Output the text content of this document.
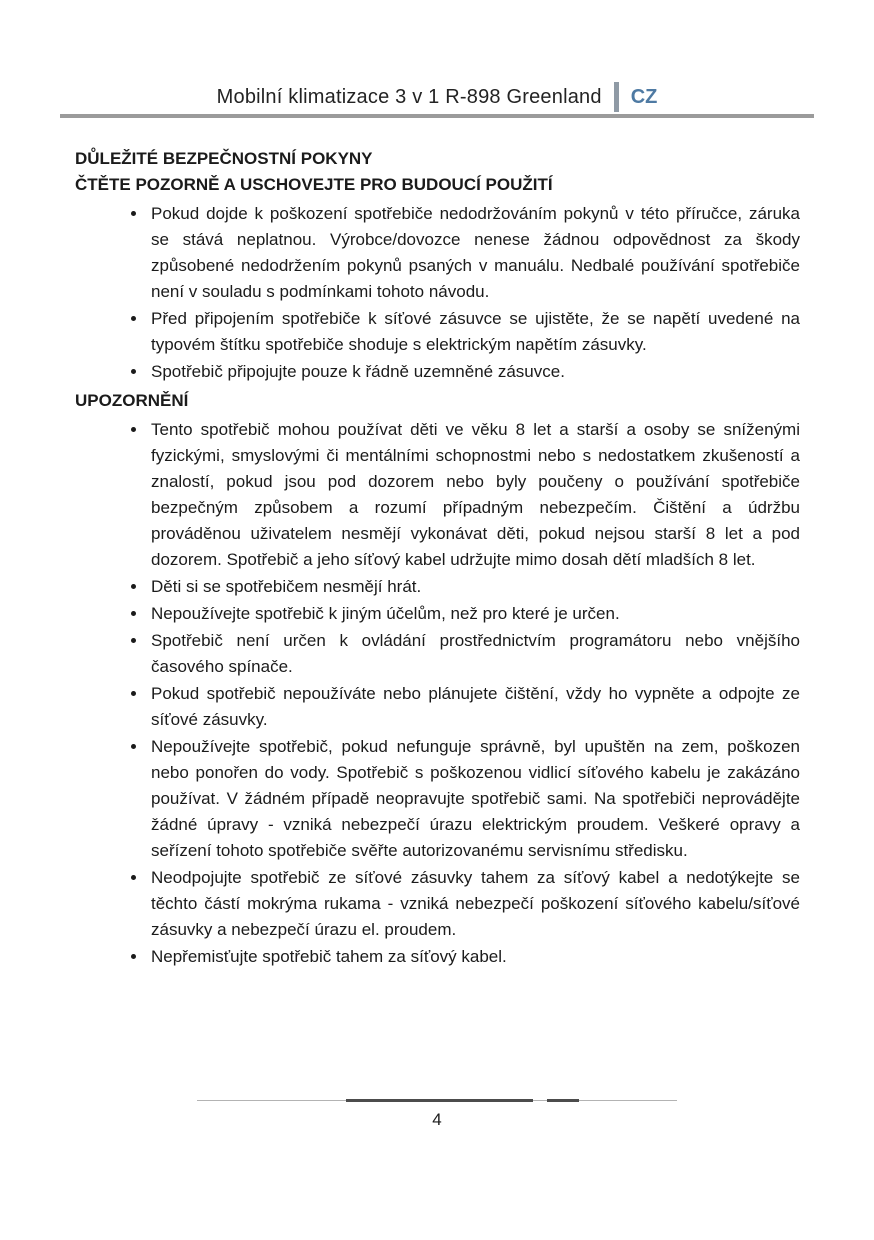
Mobilní klimatizace 3 v 1 R-898 Greenland CZ
DŮLEŽITÉ BEZPEČNOSTNÍ POKYNY
ČTĚTE POZORNĚ A USCHOVEJTE PRO BUDOUCÍ POUŽITÍ
• Pokud dojde k poškození spotřebiče nedodržováním pokynů v této příručce, záruka se stává neplatnou. Výrobce/dovozce nenese žádnou odpovědnost za škody způsobené nedodržením pokynů psaných v manuálu. Nedbalé používání spotřebiče není v souladu s podmínkami tohoto návodu.
• Před připojením spotřebiče k síťové zásuvce se ujistěte, že se napětí uvedené na typovém štítku spotřebiče shoduje s elektrickým napětím zásuvky.
• Spotřebič připojujte pouze k řádně uzemněné zásuvce.
UPOZORNĚNÍ
• Tento spotřebič mohou používat děti ve věku 8 let a starší a osoby se sníženými fyzickými, smyslovými či mentálními schopnostmi nebo s nedostatkem zkušeností a znalostí, pokud jsou pod dozorem nebo byly poučeny o používání spotřebiče bezpečným způsobem a rozumí případným nebezpečím. Čištění a údržbu prováděnou uživatelem nesmějí vykonávat děti, pokud nejsou starší 8 let a pod dozorem. Spotřebič a jeho síťový kabel udržujte mimo dosah dětí mladších 8 let.
• Děti si se spotřebičem nesmějí hrát.
• Nepoužívejte spotřebič k jiným účelům, než pro které je určen.
• Spotřebič není určen k ovládání prostřednictvím programátoru nebo vnějšího časového spínače.
• Pokud spotřebič nepoužíváte nebo plánujete čištění, vždy ho vypněte a odpojte ze síťové zásuvky.
• Nepoužívejte spotřebič, pokud nefunguje správně, byl upuštěn na zem, poškozen nebo ponořen do vody. Spotřebič s poškozenou vidlicí síťového kabelu je zakázáno používat. V žádném případě neopravujte spotřebič sami. Na spotřebiči neprovádějte žádné úpravy - vzniká nebezpečí úrazu elektrickým proudem. Veškeré opravy a seřízení tohoto spotřebiče svěřte autorizovanému servisnímu středisku.
• Neodpojujte spotřebič ze síťové zásuvky tahem za síťový kabel a nedotýkejte se těchto částí mokrýma rukama - vzniká nebezpečí poškození síťového kabelu/síťové zásuvky a nebezpečí úrazu el. proudem.
• Nepřemisťujte spotřebič tahem za síťový kabel.
4
